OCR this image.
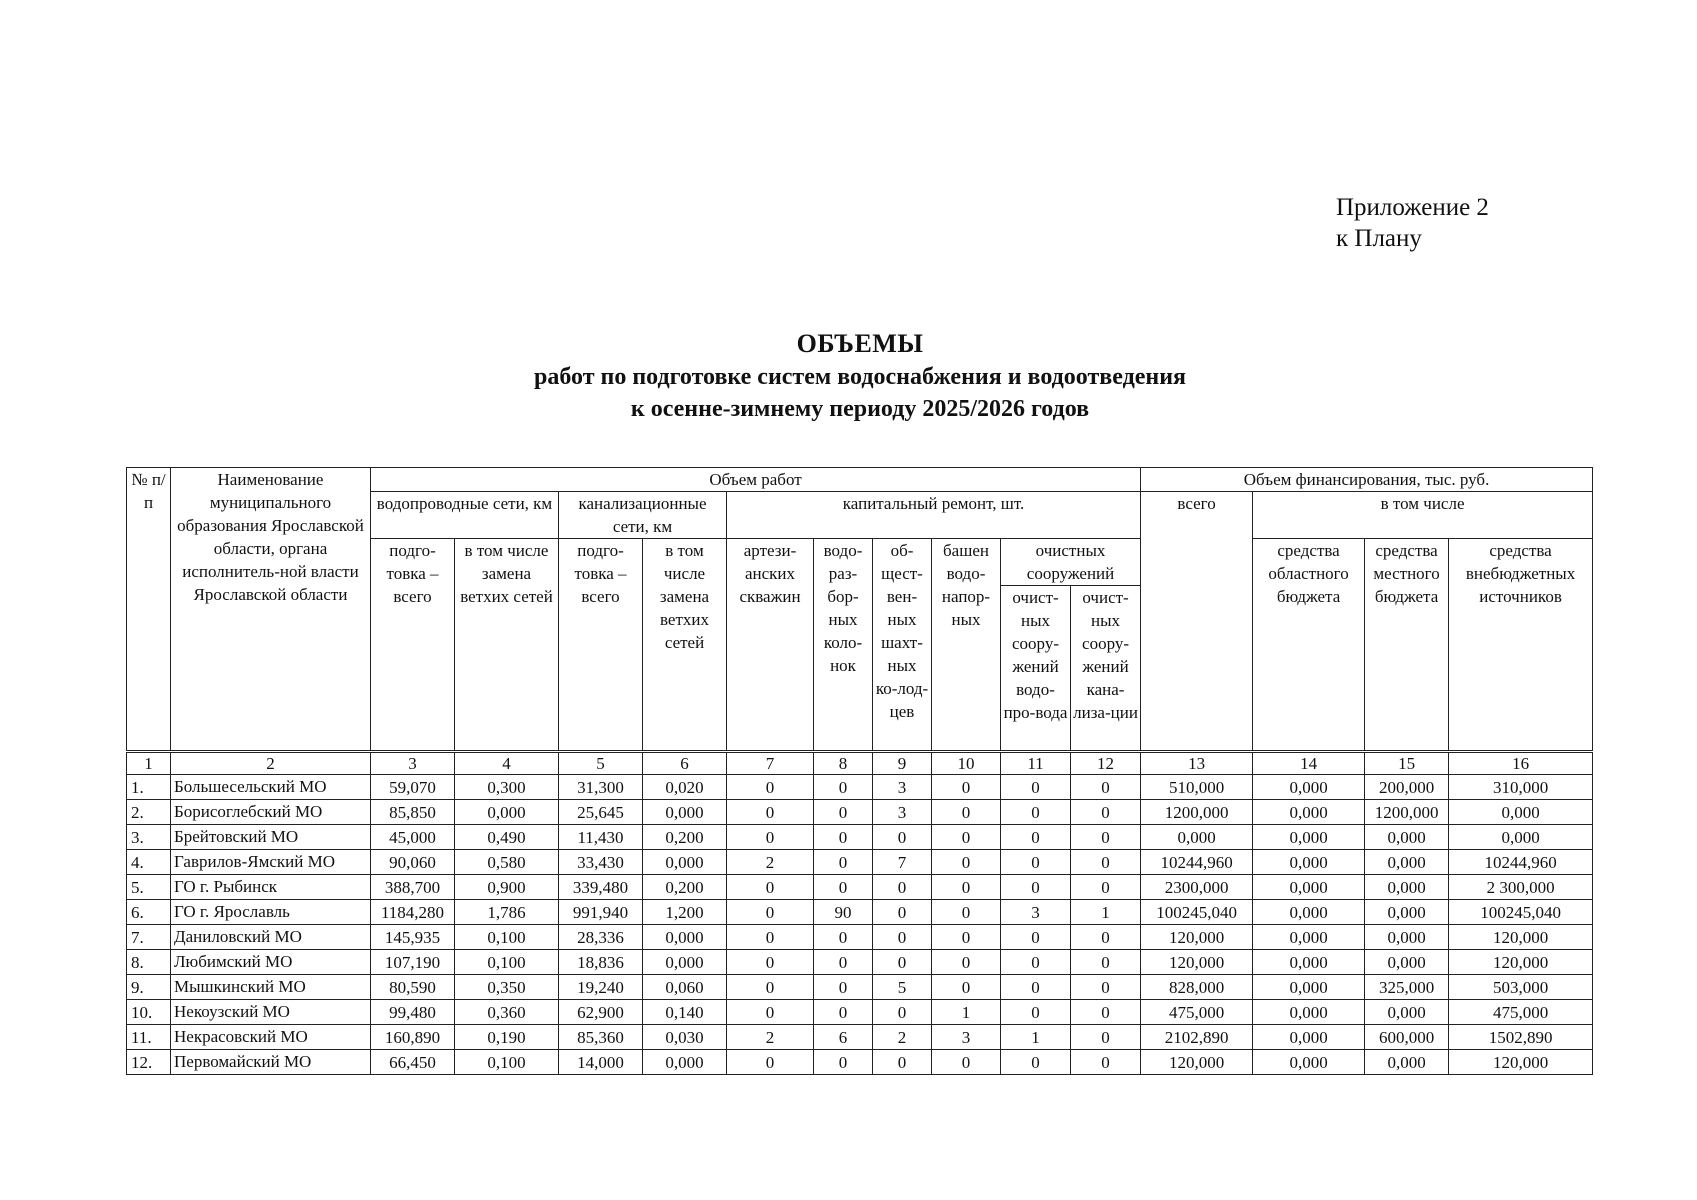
Приложение 2
к Плану
ОБЪЕМЫ
работ по подготовке систем водоснабжения и водоотведения
к осенне-зимнему периоду 2025/2026 годов
№ п/п	Наименование муниципального образования Ярославской области, органа исполнитель-ной власти Ярославской области	Объем работ										Объем финансирования, тыс. руб.			
		водопроводные сети, км		канализационные сети, км		капитальный ремонт, шт.						всего	в том числе		
		подго-товка – всего	в том числе замена ветхих сетей	подго-товка – всего	в том числе замена ветхих сетей	артези-анских скважин	водо-раз-бор-ных коло-нок	об-щест-вен-ных шахт-ных ко-лод-цев	башен водо-напор-ных	очистных сооружений			средства областного бюджета	средства местного бюджета	средства внебюджетных источников
										очист-ных соору-жений водо-про-вода	очист-ных соору-жений кана-лиза-ции				
1	2	3	4	5	6	7	8	9	10	11	12	13	14	15	16
1.	Большесельский МО	59,070	0,300	31,300	0,020	0	0	3	0	0	0	510,000	0,000	200,000	310,000
2.	Борисоглебский МО	85,850	0,000	25,645	0,000	0	0	3	0	0	0	1200,000	0,000	1200,000	0,000
3.	Брейтовский МО	45,000	0,490	11,430	0,200	0	0	0	0	0	0	0,000	0,000	0,000	0,000
4.	Гаврилов-Ямский МО	90,060	0,580	33,430	0,000	2	0	7	0	0	0	10244,960	0,000	0,000	10244,960
5.	ГО г. Рыбинск	388,700	0,900	339,480	0,200	0	0	0	0	0	0	2300,000	0,000	0,000	2 300,000
6.	ГО г. Ярославль	1184,280	1,786	991,940	1,200	0	90	0	0	3	1	100245,040	0,000	0,000	100245,040
7.	Даниловский МО	145,935	0,100	28,336	0,000	0	0	0	0	0	0	120,000	0,000	0,000	120,000
8.	Любимский МО	107,190	0,100	18,836	0,000	0	0	0	0	0	0	120,000	0,000	0,000	120,000
9.	Мышкинский МО	80,590	0,350	19,240	0,060	0	0	5	0	0	0	828,000	0,000	325,000	503,000
10.	Некоузский МО	99,480	0,360	62,900	0,140	0	0	0	1	0	0	475,000	0,000	0,000	475,000
11.	Некрасовский МО	160,890	0,190	85,360	0,030	2	6	2	3	1	0	2102,890	0,000	600,000	1502,890
12.	Первомайский МО	66,450	0,100	14,000	0,000	0	0	0	0	0	0	120,000	0,000	0,000	120,000
